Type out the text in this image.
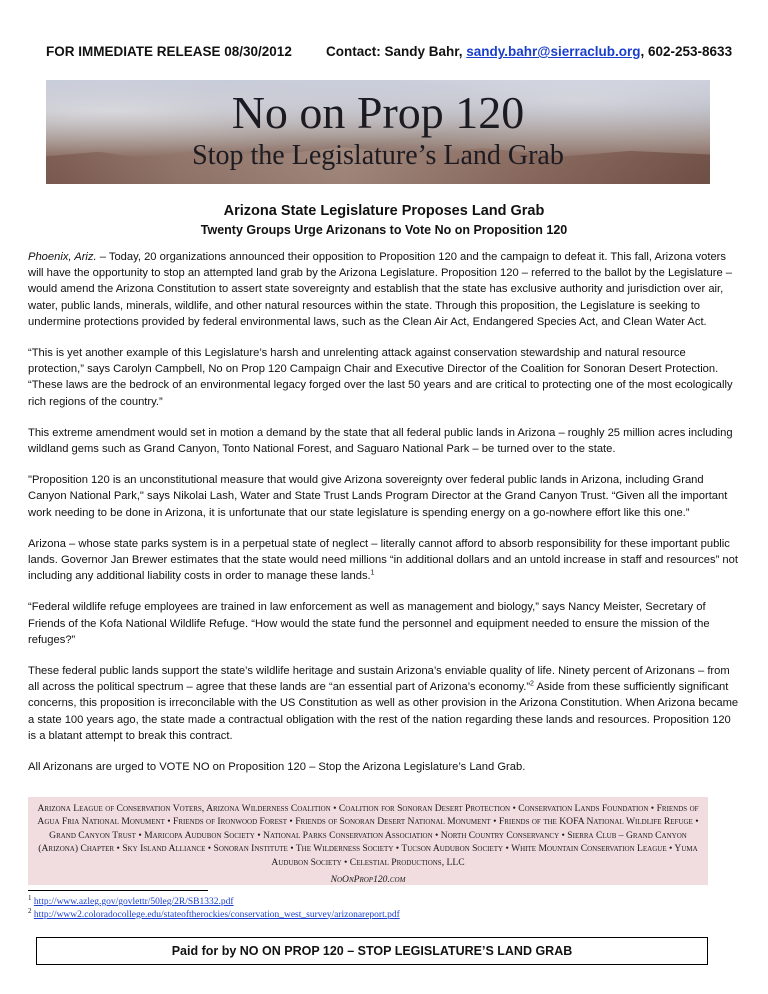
FOR IMMEDIATE RELEASE 08/30/2012	Contact: Sandy Bahr, sandy.bahr@sierraclub.org, 602-253-8633
No on Prop 120
Stop the Legislature’s Land Grab
Arizona State Legislature Proposes Land Grab
Twenty Groups Urge Arizonans to Vote No on Proposition 120

Phoenix, Ariz. – Today, 20 organizations announced their opposition to Proposition 120 and the campaign to defeat it. This fall, Arizona voters will have the opportunity to stop an attempted land grab by the Arizona Legislature. Proposition 120 – referred to the ballot by the Legislature – would amend the Arizona Constitution to assert state sovereignty and establish that the state has exclusive authority and jurisdiction over air, water, public lands, minerals, wildlife, and other natural resources within the state. Through this proposition, the Legislature is seeking to undermine protections provided by federal environmental laws, such as the Clean Air Act, Endangered Species Act, and Clean Water Act.

“This is yet another example of this Legislature’s harsh and unrelenting attack against conservation stewardship and natural resource protection,” says Carolyn Campbell, No on Prop 120 Campaign Chair and Executive Director of the Coalition for Sonoran Desert Protection. “These laws are the bedrock of an environmental legacy forged over the last 50 years and are critical to protecting one of the most ecologically rich regions of the country.”

This extreme amendment would set in motion a demand by the state that all federal public lands in Arizona – roughly 25 million acres including wildland gems such as Grand Canyon, Tonto National Forest, and Saguaro National Park – be turned over to the state.

"Proposition 120 is an unconstitutional measure that would give Arizona sovereignty over federal public lands in Arizona, including Grand Canyon National Park," says Nikolai Lash, Water and State Trust Lands Program Director at the Grand Canyon Trust. “Given all the important work needing to be done in Arizona, it is unfortunate that our state legislature is spending energy on a go-nowhere effort like this one.”

Arizona – whose state parks system is in a perpetual state of neglect – literally cannot afford to absorb responsibility for these important public lands. Governor Jan Brewer estimates that the state would need millions “in additional dollars and an untold increase in staff and resources” not including any additional liability costs in order to manage these lands.$^1$

“Federal wildlife refuge employees are trained in law enforcement as well as management and biology,” says Nancy Meister, Secretary of Friends of the Kofa National Wildlife Refuge. “How would the state fund the personnel and equipment needed to ensure the mission of the refuges?”

These federal public lands support the state’s wildlife heritage and sustain Arizona’s enviable quality of life. Ninety percent of Arizonans – from all across the political spectrum – agree that these lands are “an essential part of Arizona’s economy.”$^2$ Aside from these sufficiently significant concerns, this proposition is irreconcilable with the US Constitution as well as other provision in the Arizona Constitution. When Arizona became a state 100 years ago, the state made a contractual obligation with the rest of the nation regarding these lands and resources. Proposition 120 is a blatant attempt to break this contract.

All Arizonans are urged to VOTE NO on Proposition 120 – Stop the Arizona Legislature’s Land Grab.

Arizona League of Conservation Voters, Arizona Wilderness Coalition • Coalition for Sonoran Desert Protection • Conservation Lands Foundation • Friends of Agua Fria National Monument • Friends of Ironwood Forest • Friends of Sonoran Desert National Monument • Friends of the KOFA National Wildlife Refuge • Grand Canyon Trust • Maricopa Audubon Society • National Parks Conservation Association • North Country Conservancy • Sierra Club – Grand Canyon (Arizona) Chapter • Sky Island Alliance • Sonoran Institute • The Wilderness Society • Tucson Audubon Society • White Mountain Conservation League • Yuma Audubon Society • Celestial Productions, LLC
NoOnProp120.com
$^1$ http://www.azleg.gov/govlettr/50leg/2R/SB1332.pdf
$^2$ http://www2.coloradocollege.edu/stateoftherockies/conservation_west_survey/arizonareport.pdf
Paid for by NO ON PROP 120 – STOP LEGISLATURE’S LAND GRAB
